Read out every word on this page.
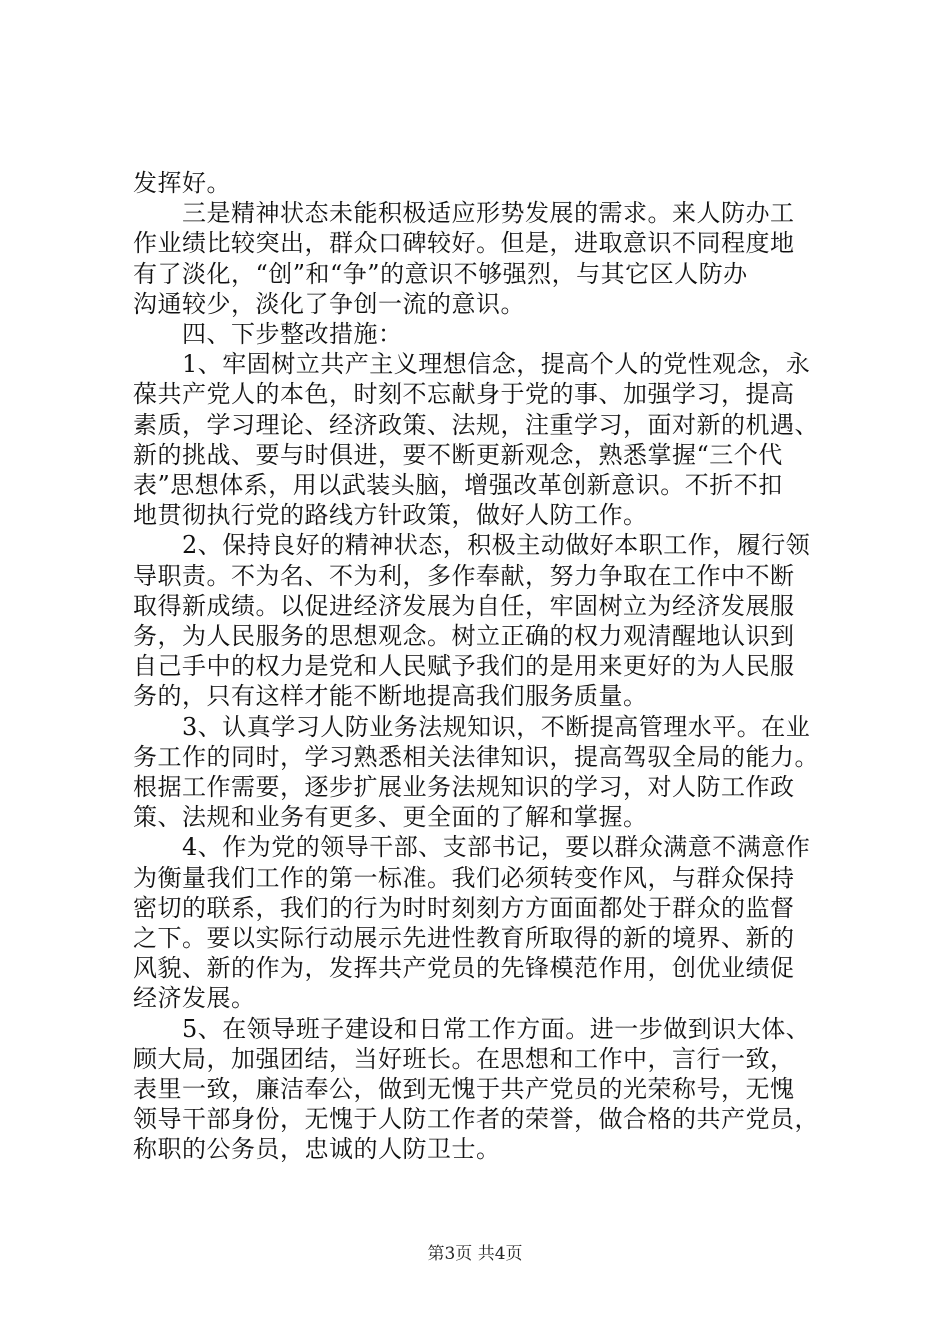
发挥好。
　　三是精神状态未能积极适应形势发展的需求。来人防办工
作业绩比较突出，群众口碑较好。但是，进取意识不同程度地
有了淡化，“创”和“争”的意识不够强烈，与其它区人防办
沟通较少，淡化了争创一流的意识。
　　四、下步整改措施：
　　1、牢固树立共产主义理想信念，提高个人的党性观念，永
葆共产党人的本色，时刻不忘献身于党的事、加强学习，提高
素质，学习理论、经济政策、法规，注重学习，面对新的机遇、
新的挑战、要与时俱进，要不断更新观念，熟悉掌握“三个代
表”思想体系，用以武装头脑，增强改革创新意识。不折不扣
地贯彻执行党的路线方针政策，做好人防工作。
　　2、保持良好的精神状态，积极主动做好本职工作，履行领
导职责。不为名、不为利，多作奉献，努力争取在工作中不断
取得新成绩。以促进经济发展为自任，牢固树立为经济发展服
务，为人民服务的思想观念。树立正确的权力观清醒地认识到
自己手中的权力是党和人民赋予我们的是用来更好的为人民服
务的，只有这样才能不断地提高我们服务质量。
　　3、认真学习人防业务法规知识，不断提高管理水平。在业
务工作的同时，学习熟悉相关法律知识，提高驾驭全局的能力。
根据工作需要，逐步扩展业务法规知识的学习，对人防工作政
策、法规和业务有更多、更全面的了解和掌握。
　　4、作为党的领导干部、支部书记，要以群众满意不满意作
为衡量我们工作的第一标准。我们必须转变作风，与群众保持
密切的联系，我们的行为时时刻刻方方面面都处于群众的监督
之下。要以实际行动展示先进性教育所取得的新的境界、新的
风貌、新的作为，发挥共产党员的先锋模范作用，创优业绩促
经济发展。
　　5、在领导班子建设和日常工作方面。进一步做到识大体、
顾大局，加强团结，当好班长。在思想和工作中，言行一致，
表里一致，廉洁奉公，做到无愧于共产党员的光荣称号，无愧
领导干部身份，无愧于人防工作者的荣誉，做合格的共产党员，
称职的公务员，忠诚的人防卫士。
第3页 共4页
